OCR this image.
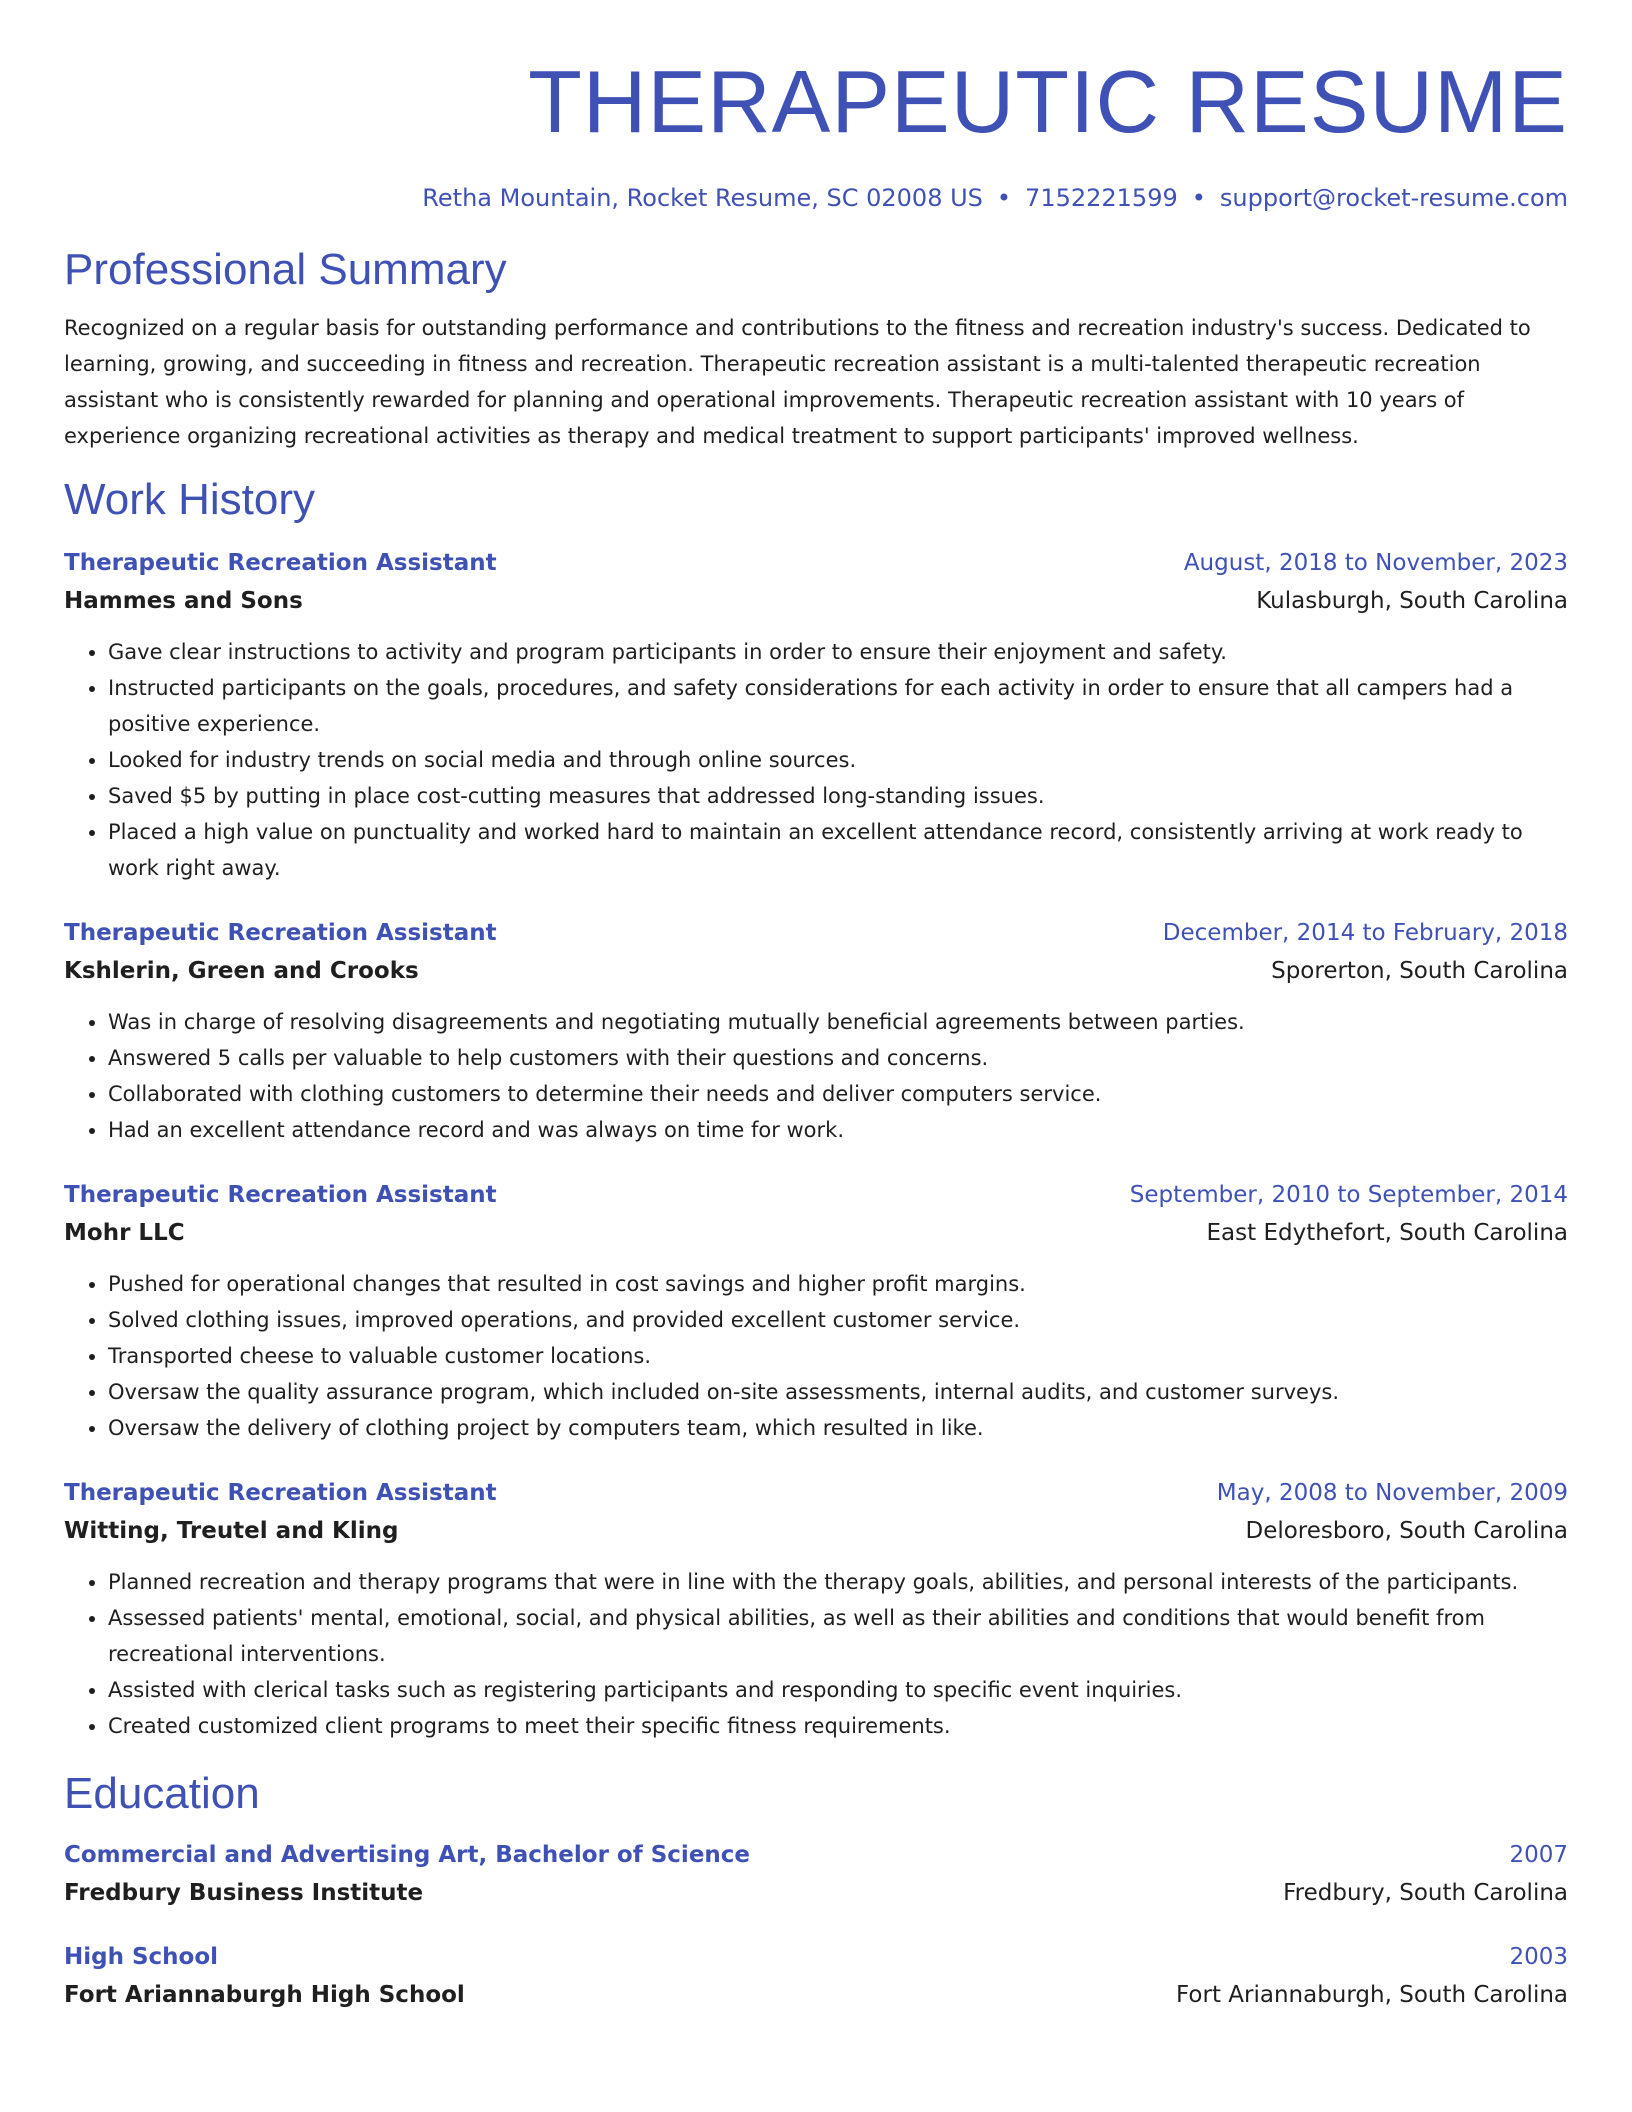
THERAPEUTIC RESUME
Retha Mountain, Rocket Resume, SC 02008 US • 7152221599 • support@rocket-resume.com
Professional Summary

Recognized on a regular basis for outstanding performance and contributions to the fitness and recreation industry's success. Dedicated to learning, growing, and succeeding in fitness and recreation. Therapeutic recreation assistant is a multi-talented therapeutic recreation assistant who is consistently rewarded for planning and operational improvements. Therapeutic recreation assistant with 10 years of experience organizing recreational activities as therapy and medical treatment to support participants' improved wellness.

Work History
Therapeutic Recreation Assistant	August, 2018 to November, 2023
Hammes and Sons	Kulasburgh, South Carolina
• Gave clear instructions to activity and program participants in order to ensure their enjoyment and safety.
• Instructed participants on the goals, procedures, and safety considerations for each activity in order to ensure that all campers had a positive experience.
• Looked for industry trends on social media and through online sources.
• Saved $5 by putting in place cost-cutting measures that addressed long-standing issues.
• Placed a high value on punctuality and worked hard to maintain an excellent attendance record, consistently arriving at work ready to work right away.
Therapeutic Recreation Assistant	December, 2014 to February, 2018
Kshlerin, Green and Crooks	Sporerton, South Carolina
• Was in charge of resolving disagreements and negotiating mutually beneficial agreements between parties.
• Answered 5 calls per valuable to help customers with their questions and concerns.
• Collaborated with clothing customers to determine their needs and deliver computers service.
• Had an excellent attendance record and was always on time for work.
Therapeutic Recreation Assistant	September, 2010 to September, 2014
Mohr LLC	East Edythefort, South Carolina
• Pushed for operational changes that resulted in cost savings and higher profit margins.
• Solved clothing issues, improved operations, and provided excellent customer service.
• Transported cheese to valuable customer locations.
• Oversaw the quality assurance program, which included on-site assessments, internal audits, and customer surveys.
• Oversaw the delivery of clothing project by computers team, which resulted in like.
Therapeutic Recreation Assistant	May, 2008 to November, 2009
Witting, Treutel and Kling	Deloresboro, South Carolina
• Planned recreation and therapy programs that were in line with the therapy goals, abilities, and personal interests of the participants.
• Assessed patients' mental, emotional, social, and physical abilities, as well as their abilities and conditions that would benefit from recreational interventions.
• Assisted with clerical tasks such as registering participants and responding to specific event inquiries.
• Created customized client programs to meet their specific fitness requirements.
Education
Commercial and Advertising Art, Bachelor of Science	2007
Fredbury Business Institute	Fredbury, South Carolina
High School	2003
Fort Ariannaburgh High School	Fort Ariannaburgh, South Carolina
